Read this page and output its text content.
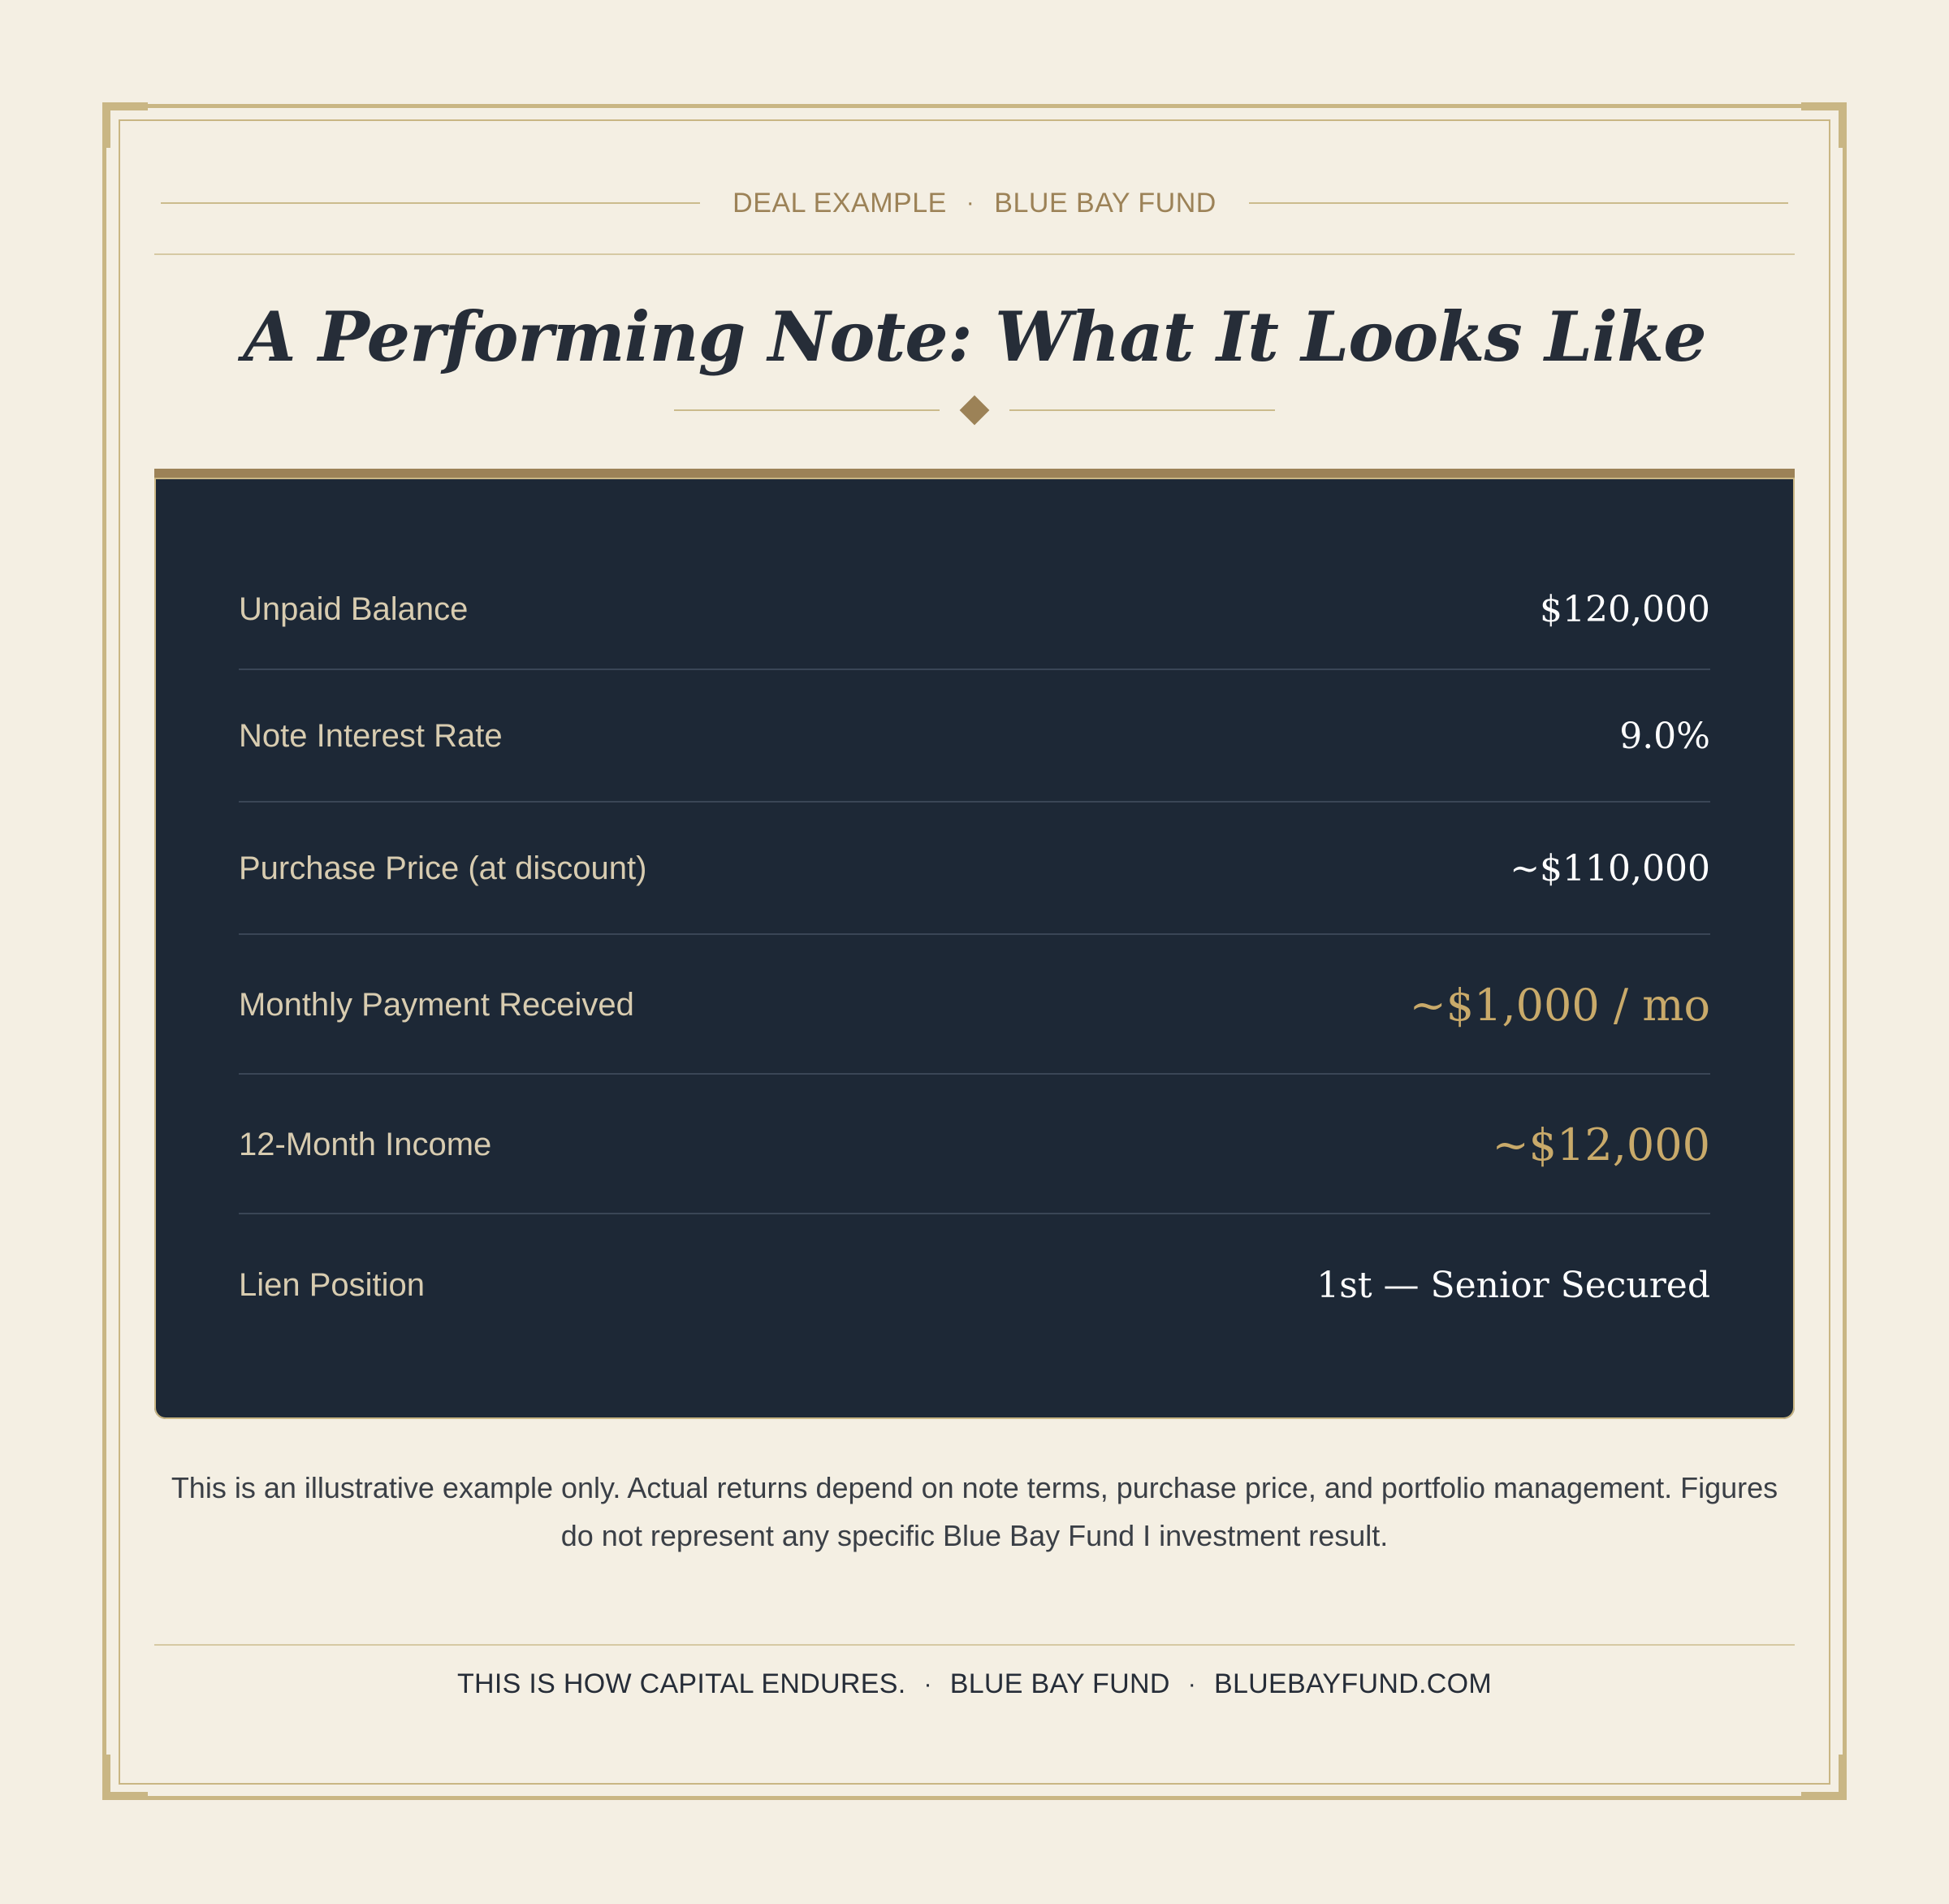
DEAL EXAMPLE · BLUE BAY FUND
A Performing Note: What It Looks Like
Unpaid Balance	$120,000
Note Interest Rate	9.0%
Purchase Price (at discount)	~$110,000
Monthly Payment Received	~$1,000 / mo
12-Month Income	~$12,000
Lien Position	1st — Senior Secured

This is an illustrative example only. Actual returns depend on note terms, purchase price, and portfolio management. Figures do not represent any specific Blue Bay Fund I investment result.

THIS IS HOW CAPITAL ENDURES. · BLUE BAY FUND · BLUEBAYFUND.COM
